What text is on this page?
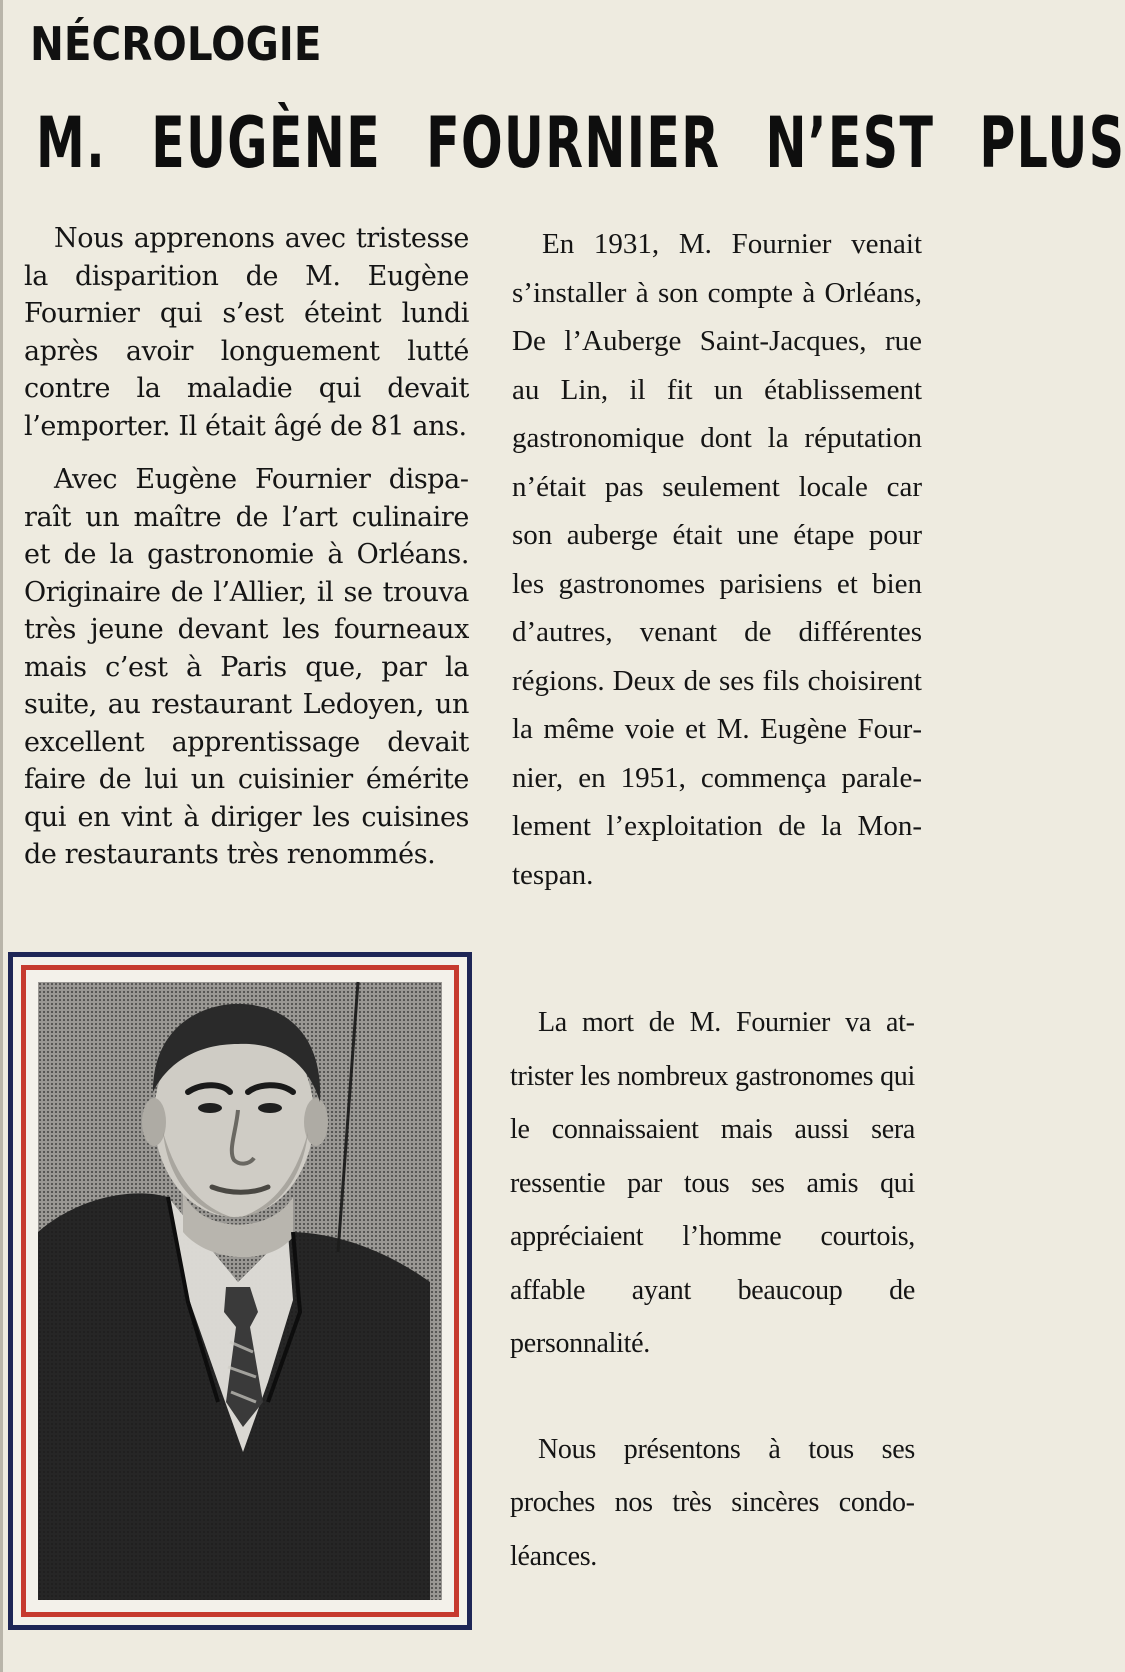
NÉCROLOGIE
M. EUGÈNE FOURNIER N’EST PLUS

Nous apprenons avec tristesse la disparition de M. Eugène Fournier qui s’est éteint lundi après avoir longuement lutté contre la maladie qui devait l’emporter. Il était âgé de 81 ans.

Avec Eugène Fournier disparaît un maître de l’art culinaire et de la gastronomie à Orléans. Originaire de l’Allier, il se trouva très jeune devant les fourneaux mais c’est à Paris que, par la suite, au restaurant Ledoyen, un excellent apprentissage devait faire de lui un cuisinier émérite qui en vint à diriger les cuisines de restaurants très renommés.

En 1931, M. Fournier venait s’installer à son compte à Orléans, De l’Auberge Saint-Jacques, rue au Lin, il fit un établissement gastronomique dont la réputation n’était pas seulement locale car son auberge était une étape pour les gastronomes parisiens et bien d’autres, venant de différentes régions. Deux de ses fils choisirent la même voie et M. Eugène Fournier, en 1951, commença paralelement l’exploitation de la Montespan.

La mort de M. Fournier va attrister les nombreux gastronomes qui le connaissaient mais aussi sera ressentie par tous ses amis qui appréciaient l’homme courtois, affable ayant beaucoup de personnalité.

Nous présentons à tous ses proches nos très sincères condoléances.
